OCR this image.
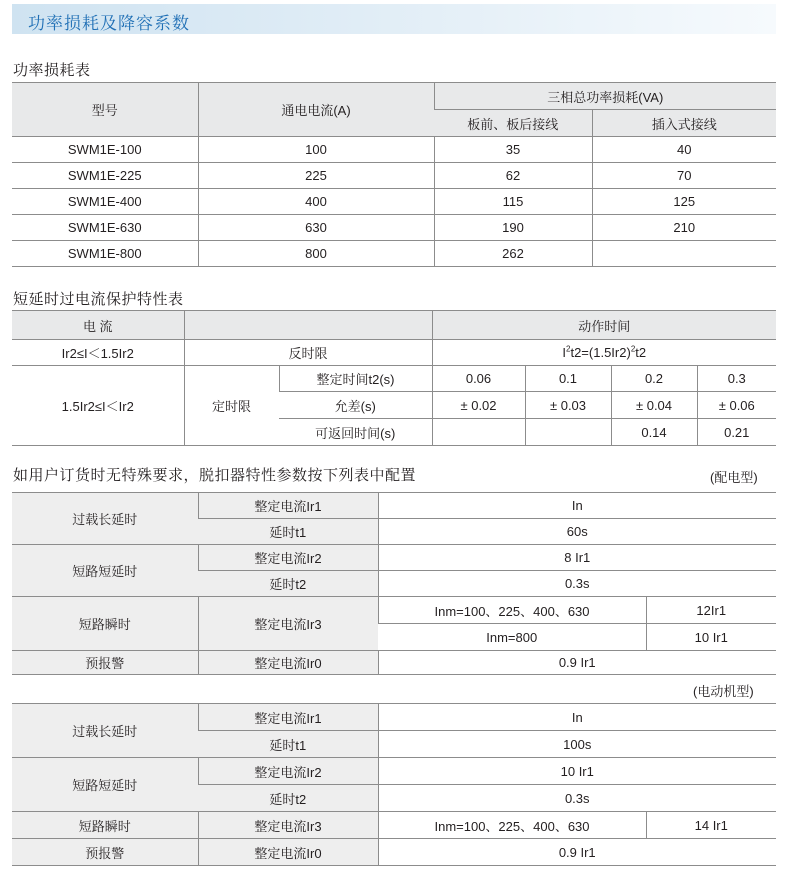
功率损耗及降容系数
功率损耗表
型号	通电电流(A)	三相总功率损耗(VA)	
		板前、板后接线	插入式接线
SWM1E-100	100	35	40
SWM1E-225	225	62	70
SWM1E-400	400	115	125
SWM1E-630	630	190	210
SWM1E-800	800	262	
短延时过电流保护特性表
电 流			动作时间			
Ir2≤I＜1.5Ir2	反时限		$I^2t2=(1.5Ir2)^2t2$			
1.5Ir2≤I＜Ir2	定时限	整定时间t2(s)	0.06	0.1	0.2	0.3
		允差(s)	± 0.02	± 0.03	± 0.04	± 0.06
		可返回时间(s)			0.14	0.21
如用户订货时无特殊要求，脱扣器特性参数按下列表中配置	(配电型)
过载长延时	整定电流Ir1	In	
	延时t1	60s	
短路短延时	整定电流Ir2	8 Ir1	
	延时t2	0.3s	
短路瞬时	整定电流Ir3	Inm=100、225、400、630	12Ir1
		Inm=800	10 Ir1
预报警	整定电流Ir0	0.9 Ir1	
(电动机型)
过载长延时	整定电流Ir1	In	
	延时t1	100s	
短路短延时	整定电流Ir2	10 Ir1	
	延时t2	0.3s	
短路瞬时	整定电流Ir3	Inm=100、225、400、630	14 Ir1
预报警	整定电流Ir0	0.9 Ir1	
